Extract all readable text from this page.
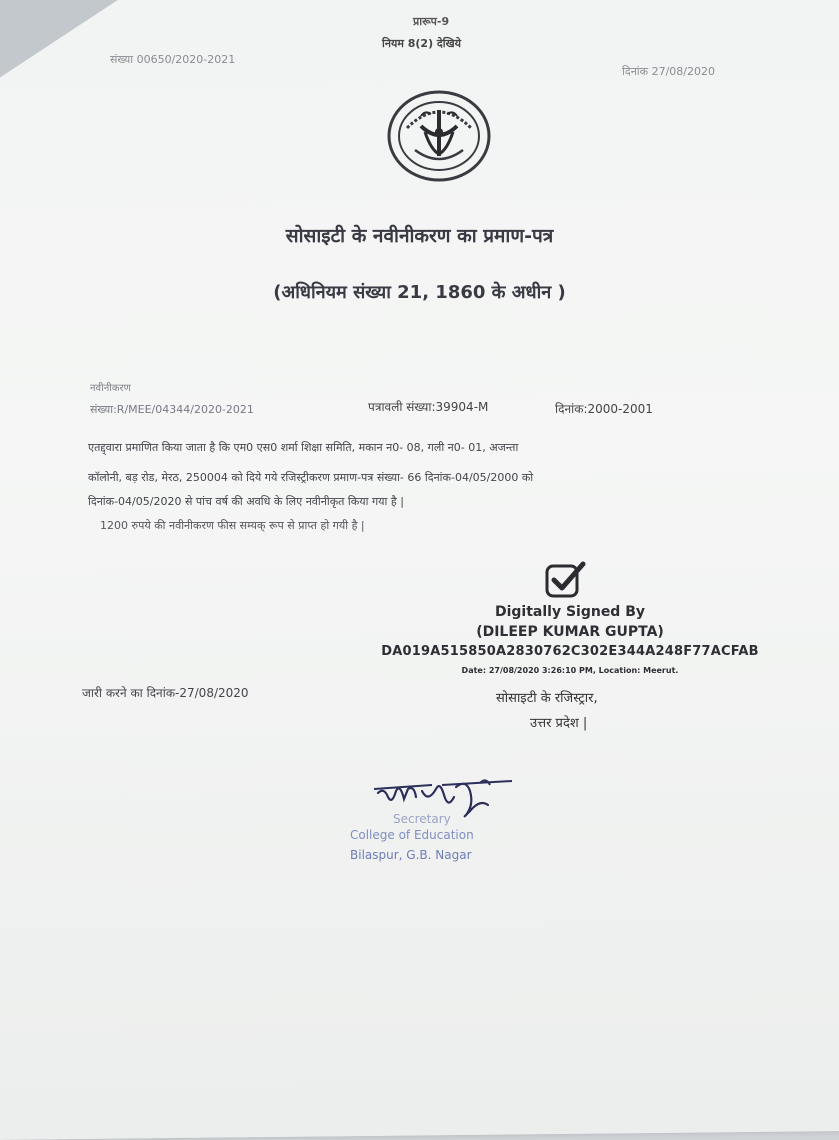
प्रारूप-9
नियम 8(2) देखिये
संख्या 00650/2020-2021
दिनांक 27/08/2020
सोसाइटी के नवीनीकरण का प्रमाण-पत्र
(अधिनियम संख्या 21, 1860 के अधीन )
नवीनीकरण
संख्या:R/MEE/04344/2020-2021	पत्रावली संख्या:39904-M	दिनांक:2000-2001
एतद्द्वारा प्रमाणित किया जाता है कि एम0 एस0 शर्मा शिक्षा समिति, मकान न0- 08, गली न0- 01, अजन्ता
कॉलोनी, बड़ रोड, मेरठ, 250004 को दिये गये रजिस्ट्रीकरण प्रमाण-पत्र संख्या- 66 दिनांक-04/05/2000 को
दिनांक-04/05/2020 से पांच वर्ष की अवधि के लिए नवीनीकृत किया गया है |
1200 रुपये की नवीनीकरण फीस सम्यक् रूप से प्राप्त हो गयी है |
Digitally Signed By
(DILEEP KUMAR GUPTA)
DA019A515850A2830762C302E344A248F77ACFAB
Date: 27/08/2020 3:26:10 PM, Location: Meerut.
जारी करने का दिनांक-27/08/2020	सोसाइटी के रजिस्ट्रार,
उत्तर प्रदेश |
Secretary
College of Education
Bilaspur, G.B. Nagar
